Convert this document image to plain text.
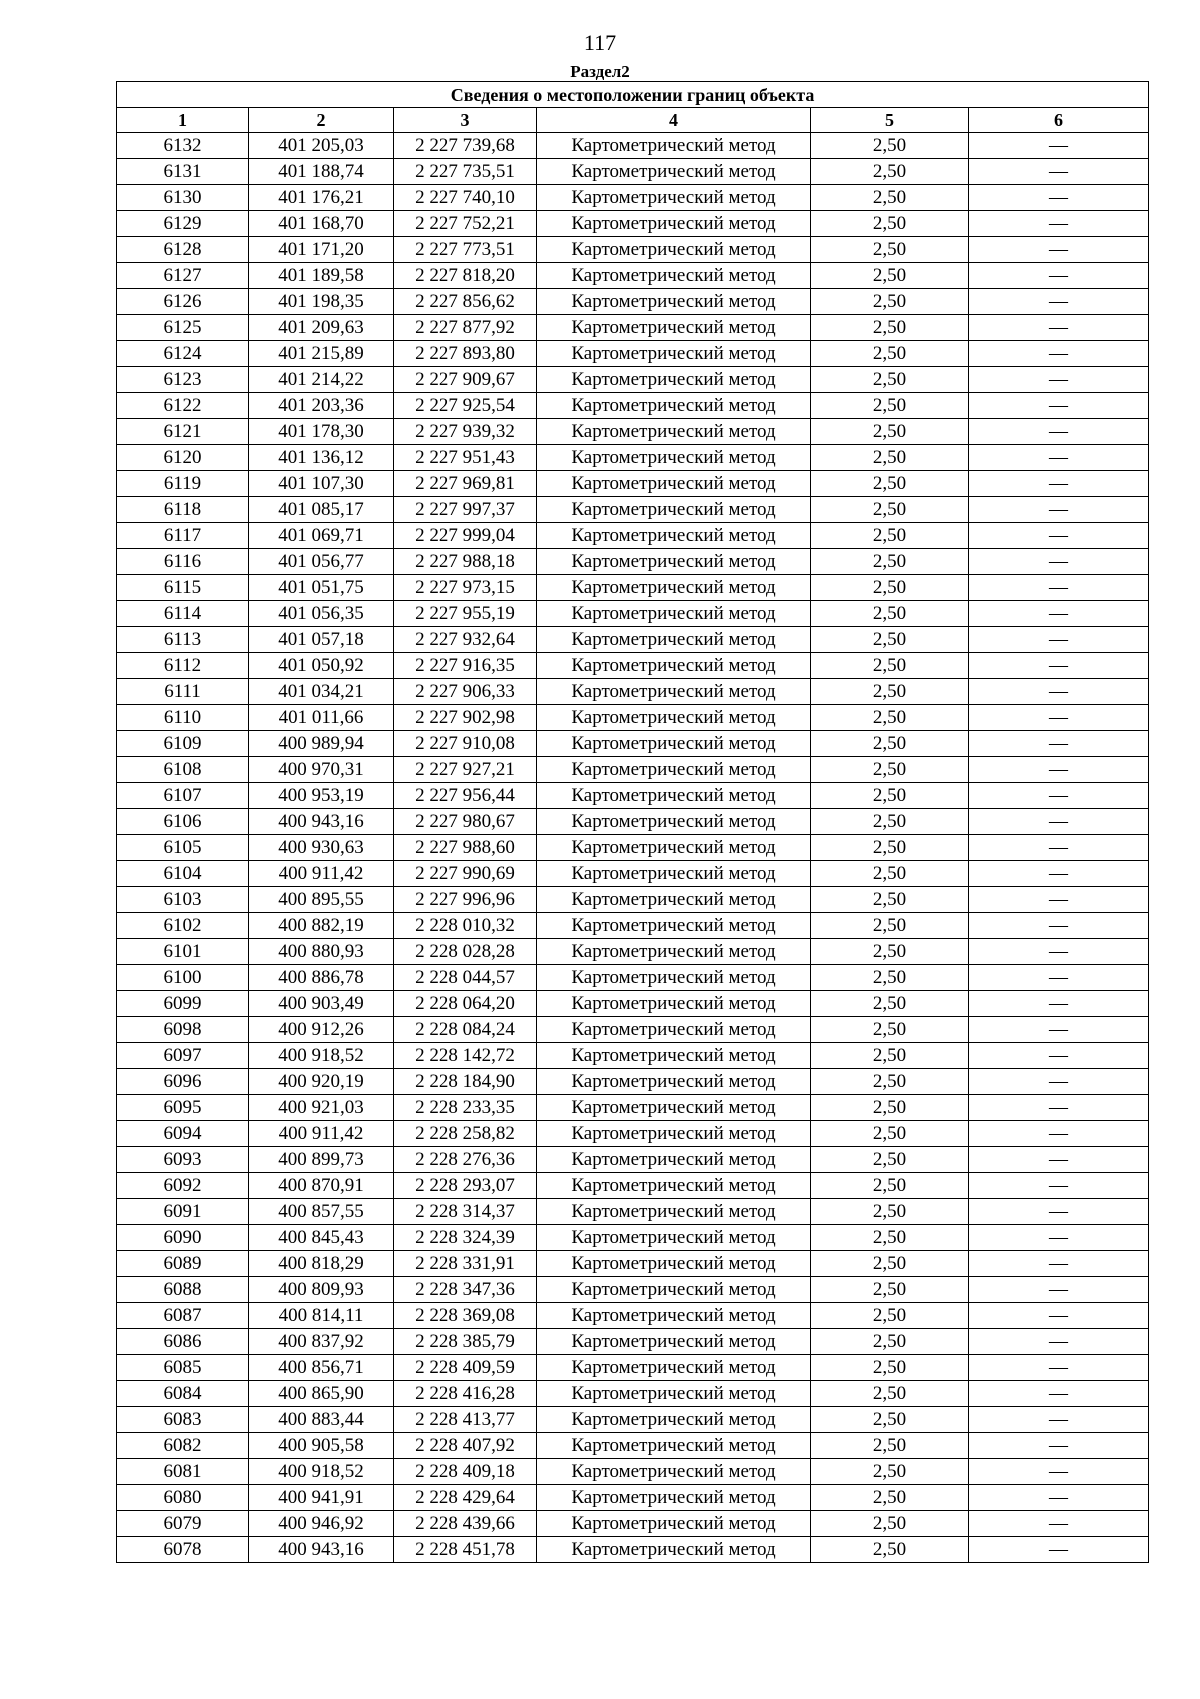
117
Раздел2
Сведения о местоположении границ объекта					
1	2	3	4	5	6
6132	401 205,03	2 227 739,68	Картометрический метод	2,50	—
6131	401 188,74	2 227 735,51	Картометрический метод	2,50	—
6130	401 176,21	2 227 740,10	Картометрический метод	2,50	—
6129	401 168,70	2 227 752,21	Картометрический метод	2,50	—
6128	401 171,20	2 227 773,51	Картометрический метод	2,50	—
6127	401 189,58	2 227 818,20	Картометрический метод	2,50	—
6126	401 198,35	2 227 856,62	Картометрический метод	2,50	—
6125	401 209,63	2 227 877,92	Картометрический метод	2,50	—
6124	401 215,89	2 227 893,80	Картометрический метод	2,50	—
6123	401 214,22	2 227 909,67	Картометрический метод	2,50	—
6122	401 203,36	2 227 925,54	Картометрический метод	2,50	—
6121	401 178,30	2 227 939,32	Картометрический метод	2,50	—
6120	401 136,12	2 227 951,43	Картометрический метод	2,50	—
6119	401 107,30	2 227 969,81	Картометрический метод	2,50	—
6118	401 085,17	2 227 997,37	Картометрический метод	2,50	—
6117	401 069,71	2 227 999,04	Картометрический метод	2,50	—
6116	401 056,77	2 227 988,18	Картометрический метод	2,50	—
6115	401 051,75	2 227 973,15	Картометрический метод	2,50	—
6114	401 056,35	2 227 955,19	Картометрический метод	2,50	—
6113	401 057,18	2 227 932,64	Картометрический метод	2,50	—
6112	401 050,92	2 227 916,35	Картометрический метод	2,50	—
6111	401 034,21	2 227 906,33	Картометрический метод	2,50	—
6110	401 011,66	2 227 902,98	Картометрический метод	2,50	—
6109	400 989,94	2 227 910,08	Картометрический метод	2,50	—
6108	400 970,31	2 227 927,21	Картометрический метод	2,50	—
6107	400 953,19	2 227 956,44	Картометрический метод	2,50	—
6106	400 943,16	2 227 980,67	Картометрический метод	2,50	—
6105	400 930,63	2 227 988,60	Картометрический метод	2,50	—
6104	400 911,42	2 227 990,69	Картометрический метод	2,50	—
6103	400 895,55	2 227 996,96	Картометрический метод	2,50	—
6102	400 882,19	2 228 010,32	Картометрический метод	2,50	—
6101	400 880,93	2 228 028,28	Картометрический метод	2,50	—
6100	400 886,78	2 228 044,57	Картометрический метод	2,50	—
6099	400 903,49	2 228 064,20	Картометрический метод	2,50	—
6098	400 912,26	2 228 084,24	Картометрический метод	2,50	—
6097	400 918,52	2 228 142,72	Картометрический метод	2,50	—
6096	400 920,19	2 228 184,90	Картометрический метод	2,50	—
6095	400 921,03	2 228 233,35	Картометрический метод	2,50	—
6094	400 911,42	2 228 258,82	Картометрический метод	2,50	—
6093	400 899,73	2 228 276,36	Картометрический метод	2,50	—
6092	400 870,91	2 228 293,07	Картометрический метод	2,50	—
6091	400 857,55	2 228 314,37	Картометрический метод	2,50	—
6090	400 845,43	2 228 324,39	Картометрический метод	2,50	—
6089	400 818,29	2 228 331,91	Картометрический метод	2,50	—
6088	400 809,93	2 228 347,36	Картометрический метод	2,50	—
6087	400 814,11	2 228 369,08	Картометрический метод	2,50	—
6086	400 837,92	2 228 385,79	Картометрический метод	2,50	—
6085	400 856,71	2 228 409,59	Картометрический метод	2,50	—
6084	400 865,90	2 228 416,28	Картометрический метод	2,50	—
6083	400 883,44	2 228 413,77	Картометрический метод	2,50	—
6082	400 905,58	2 228 407,92	Картометрический метод	2,50	—
6081	400 918,52	2 228 409,18	Картометрический метод	2,50	—
6080	400 941,91	2 228 429,64	Картометрический метод	2,50	—
6079	400 946,92	2 228 439,66	Картометрический метод	2,50	—
6078	400 943,16	2 228 451,78	Картометрический метод	2,50	—
